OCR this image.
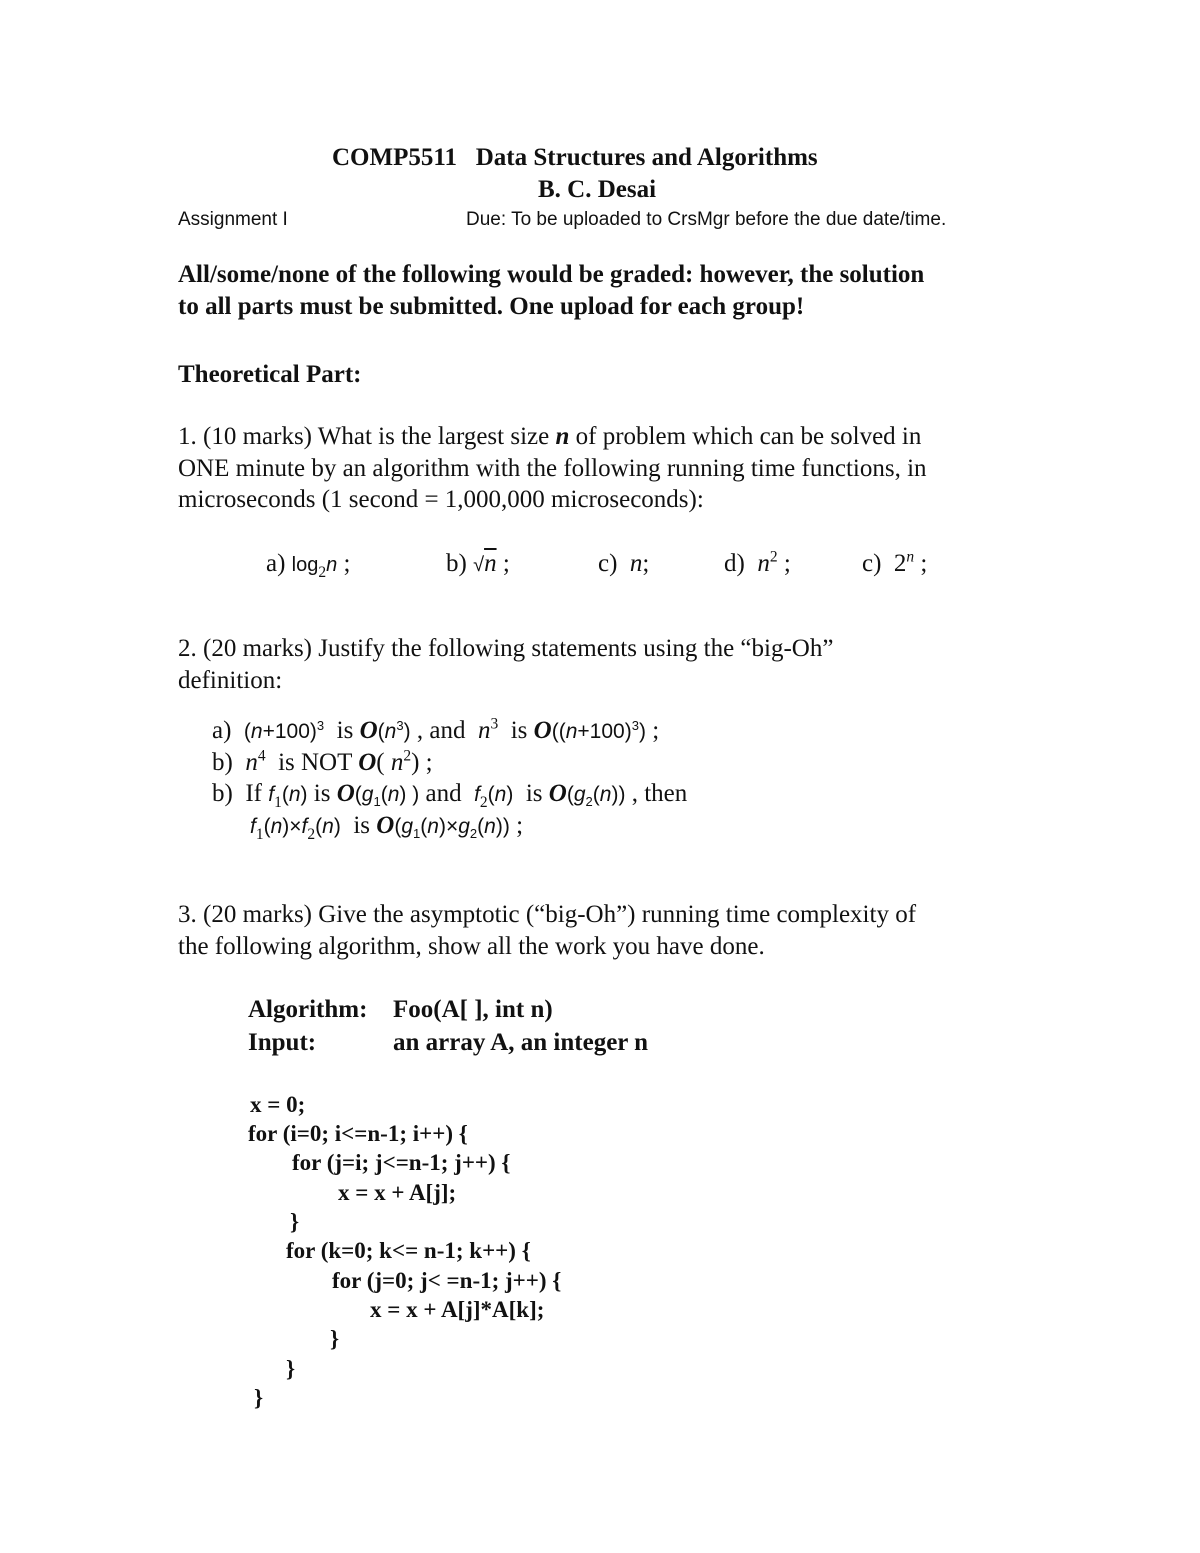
COMP5511 Data Structures and Algorithms
B. C. Desai
Assignment I	Due: To be uploaded to CrsMgr before the due date/time.
All/some/none of the following would be graded: however, the solution
to all parts must be submitted. One upload for each group!
Theoretical Part:
1. (10 marks) What is the largest size n of problem which can be solved in
ONE minute by an algorithm with the following running time functions, in
microseconds (1 second = 1,000,000 microseconds):
a) $\log_2n$ ;	b) √n ;	c) n;	d) $n^2$ ;	c) 2$^n$ ;
2. (20 marks) Justify the following statements using the “big-Oh”
definition:
a) $(n+100)^3$  is $O(n^3)$ , and  $n^3$  is $O((n+100)^3)$ ;
b) $n^4$  is NOT O( $n^2$) ;
b)  If $f_1(n)$ is $O(g_1(n)$ ) and  $f_2(n)$  is $O(g_2(n))$ , then
$f_1(n)\times f_2(n)$  is $O(g_1(n)\times g_2(n))$ ;
3. (20 marks) Give the asymptotic (“big-Oh”) running time complexity of
the following algorithm, show all the work you have done.
Algorithm: Foo(A[ ], int n)
Input:	an array A, an integer n
x = 0;
for (i=0; i<=n-1; i++) {
for (j=i; j<=n-1; j++) {
x = x + A[j];
}
for (k=0; k<= n-1; k++) {
for (j=0; j< =n-1; j++) {
x = x + A[j]*A[k];
}
}
}
